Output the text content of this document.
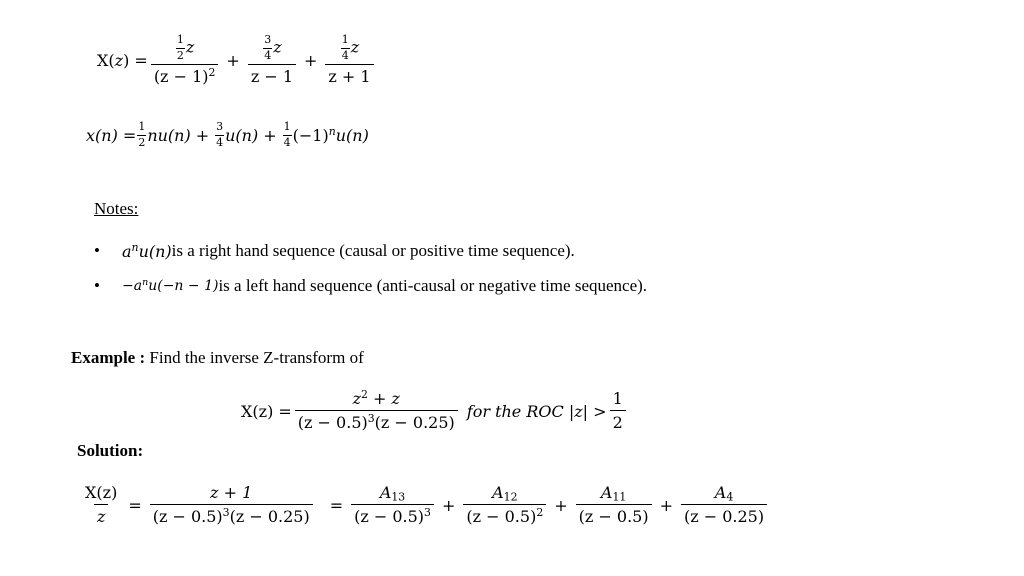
$X(z) = \frac{\frac{1}{2} z}{(z - 1)^2} + \frac{\frac{3}{4} z}{z - 1} + \frac{\frac{1}{4} z}{z + 1}$
$x(n) = \frac{1}{2} nu(n) + \frac{3}{4} u(n) + \frac{1}{4} (-1)^nu(n)$
Notes:
•	$a^nu(n)$ is a right hand sequence (causal or positive time sequence).
•	$-a^nu(-n - 1)$ is a left hand sequence (anti-causal or negative time sequence).
Example : Find the inverse Z-transform of
$X(z) = \frac{z^2 + z}{(z - 0.5)^3(z - 0.25)}$ for the ROC $|z| > \frac{1}{2}$
Solution:
$\frac{X(z)}{z} = \frac{z + 1}{(z - 0.5)^3(z - 0.25)} = \frac{A_{13}}{(z - 0.5)^3} + \frac{A_{12}}{(z - 0.5)^2} + \frac{A_{11}}{(z - 0.5)} + \frac{A_4}{(z - 0.25)}$
